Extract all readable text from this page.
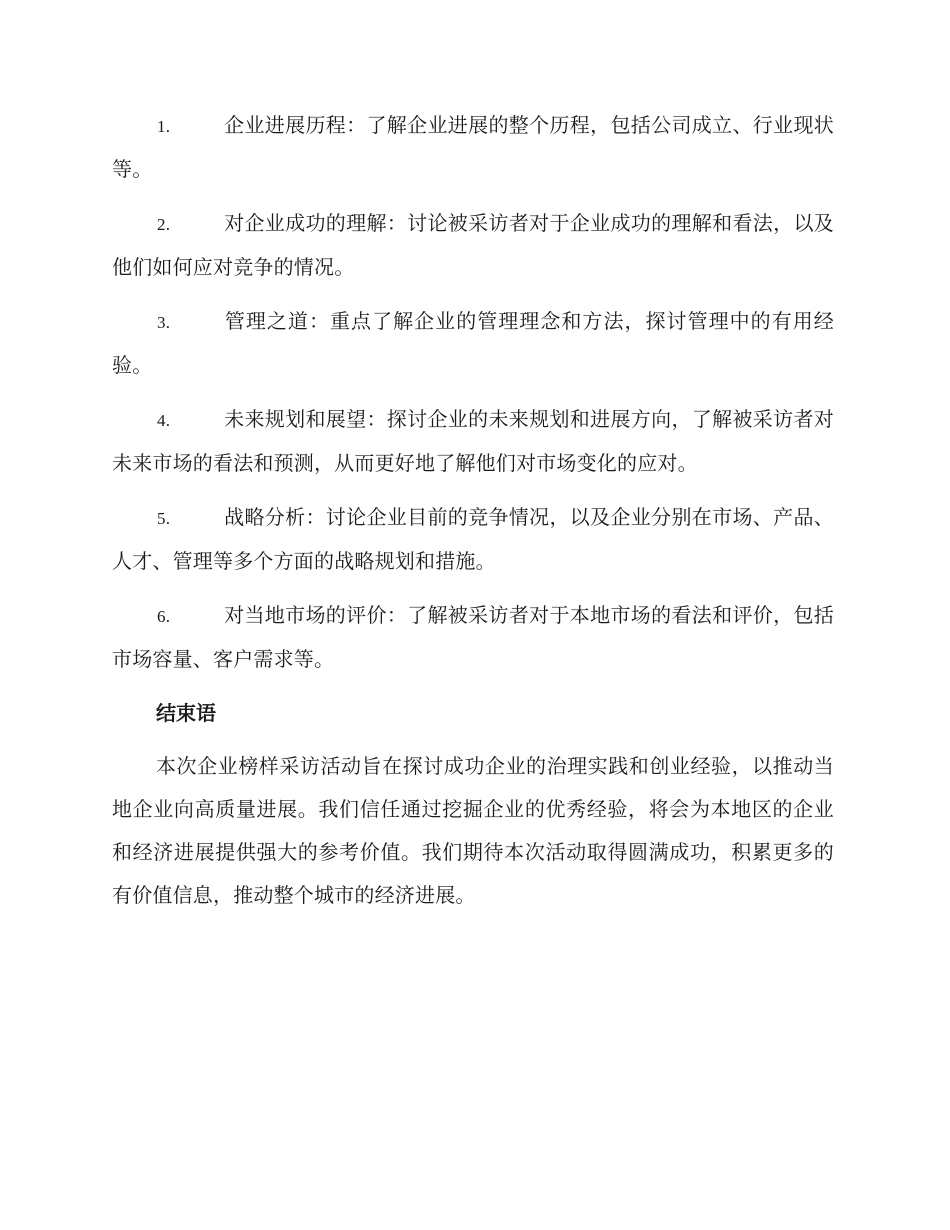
1.	企业进展历程：了解企业进展的整个历程，包括公司成立、行业现状等。

2.	对企业成功的理解：讨论被采访者对于企业成功的理解和看法，以及他们如何应对竞争的情况。

3.	管理之道：重点了解企业的管理理念和方法，探讨管理中的有用经验。

4.	未来规划和展望：探讨企业的未来规划和进展方向，了解被采访者对未来市场的看法和预测，从而更好地了解他们对市场变化的应对。

5.	战略分析：讨论企业目前的竞争情况，以及企业分别在市场、产品、人才、管理等多个方面的战略规划和措施。

6.	对当地市场的评价：了解被采访者对于本地市场的看法和评价，包括市场容量、客户需求等。

结束语

本次企业榜样采访活动旨在探讨成功企业的治理实践和创业经验，以推动当地企业向高质量进展。我们信任通过挖掘企业的优秀经验，将会为本地区的企业和经济进展提供强大的参考价值。我们期待本次活动取得圆满成功，积累更多的有价值信息，推动整个城市的经济进展。
